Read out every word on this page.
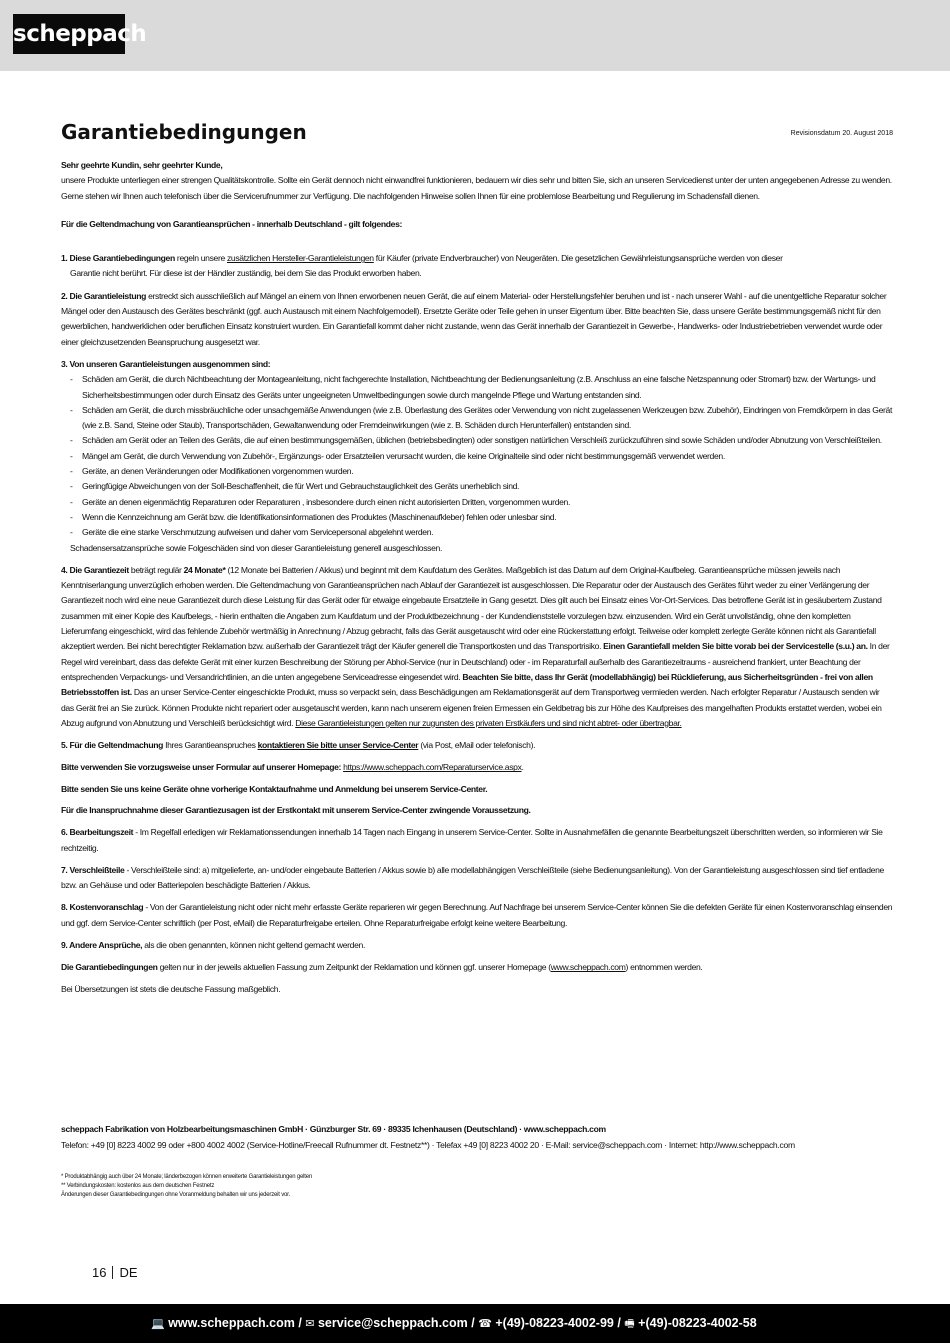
scheppach
Garantiebedingungen	Revisionsdatum 20. August 2018

Sehr geehrte Kundin, sehr geehrter Kunde,

unsere Produkte unterliegen einer strengen Qualitätskontrolle. Sollte ein Gerät dennoch nicht einwandfrei funktionieren, bedauern wir dies sehr und bitten Sie, sich an unseren Servicedienst unter der unten angegebenen Adresse zu wenden. Gerne stehen wir Ihnen auch telefonisch über die Servicerufnummer zur Verfügung. Die nachfolgenden Hinweise sollen Ihnen für eine problemlose Bearbeitung und Regulierung im Schadensfall dienen.

Für die Geltendmachung von Garantieansprüchen - innerhalb Deutschland - gilt folgendes:

1. Diese Garantiebedingungen regeln unsere zusätzlichen Hersteller-Garantieleistungen für Käufer (private Endverbraucher) von Neugeräten. Die gesetzlichen Gewährleistungsansprüche werden von dieser

Garantie nicht berührt. Für diese ist der Händler zuständig, bei dem Sie das Produkt erworben haben.

2. Die Garantieleistung erstreckt sich ausschließlich auf Mängel an einem von Ihnen erworbenen neuen Gerät, die auf einem Material- oder Herstellungsfehler beruhen und ist - nach unserer Wahl - auf die unentgeltliche Reparatur solcher Mängel oder den Austausch des Gerätes beschränkt (ggf. auch Austausch mit einem Nachfolgemodell). Ersetzte Geräte oder Teile gehen in unser Eigentum über. Bitte beachten Sie, dass unsere Geräte bestimmungsgemäß nicht für den gewerblichen, handwerklichen oder beruflichen Einsatz konstruiert wurden. Ein Garantiefall kommt daher nicht zustande, wenn das Gerät innerhalb der Garantiezeit in Gewerbe-, Handwerks- oder Industriebetrieben verwendet wurde oder einer gleichzusetzenden Beanspruchung ausgesetzt war.

3. Von unseren Garantieleistungen ausgenommen sind:

- Schäden am Gerät, die durch Nichtbeachtung der Montageanleitung, nicht fachgerechte Installation, Nichtbeachtung der Bedienungsanleitung (z.B. Anschluss an eine falsche Netzspannung oder Stromart) bzw. der Wartungs- und Sicherheitsbestimmungen oder durch Einsatz des Geräts unter ungeeigneten Umweltbedingungen sowie durch mangelnde Pflege und Wartung entstanden sind.
- Schäden am Gerät, die durch missbräuchliche oder unsachgemäße Anwendungen (wie z.B. Überlastung des Gerätes oder Verwendung von nicht zugelassenen Werkzeugen bzw. Zubehör), Eindringen von Fremdkörpern in das Gerät (wie z.B. Sand, Steine oder Staub), Transportschäden, Gewaltanwendung oder Fremdeinwirkungen (wie z. B. Schäden durch Herunterfallen) entstanden sind.
- Schäden am Gerät oder an Teilen des Geräts, die auf einen bestimmungsgemäßen, üblichen (betriebsbedingten) oder sonstigen natürlichen Verschleiß zurückzuführen sind sowie Schäden und/oder Abnutzung von Verschleißteilen.
- Mängel am Gerät, die durch Verwendung von Zubehör-, Ergänzungs- oder Ersatzteilen verursacht wurden, die keine Originalteile sind oder nicht bestimmungsgemäß verwendet werden.
- Geräte, an denen Veränderungen oder Modifikationen vorgenommen wurden.
- Geringfügige Abweichungen von der Soll-Beschaffenheit, die für Wert und Gebrauchstauglichkeit des Geräts unerheblich sind.
- Geräte an denen eigenmächtig Reparaturen oder Reparaturen , insbesondere durch einen nicht autorisierten Dritten, vorgenommen wurden.
- Wenn die Kennzeichnung am Gerät bzw. die Identifikationsinformationen des Produktes (Maschinenaufkleber) fehlen oder unlesbar sind.
- Geräte die eine starke Verschmutzung aufweisen und daher vom Servicepersonal abgelehnt werden.

Schadensersatzansprüche sowie Folgeschäden sind von dieser Garantieleistung generell ausgeschlossen.

4. Die Garantiezeit beträgt regulär 24 Monate* (12 Monate bei Batterien / Akkus) und beginnt mit dem Kaufdatum des Gerätes. Maßgeblich ist das Datum auf dem Original-Kaufbeleg. Garantieansprüche müssen jeweils nach Kenntniserlangung unverzüglich erhoben werden. Die Geltendmachung von Garantieansprüchen nach Ablauf der Garantiezeit ist ausgeschlossen. Die Reparatur oder der Austausch des Gerätes führt weder zu einer Verlängerung der Garantiezeit noch wird eine neue Garantiezeit durch diese Leistung für das Gerät oder für etwaige eingebaute Ersatzteile in Gang gesetzt. Dies gilt auch bei Einsatz eines Vor-Ort-Services. Das betroffene Gerät ist in gesäubertem Zustand zusammen mit einer Kopie des Kaufbelegs, - hierin enthalten die Angaben zum Kaufdatum und der Produktbezeichnung - der Kundendienststelle vorzulegen bzw. einzusenden. Wird ein Gerät unvollständig, ohne den kompletten Lieferumfang eingeschickt, wird das fehlende Zubehör wertmäßig in Anrechnung / Abzug gebracht, falls das Gerät ausgetauscht wird oder eine Rückerstattung erfolgt. Teilweise oder komplett zerlegte Geräte können nicht als Garantiefall akzeptiert werden. Bei nicht berechtigter Reklamation bzw. außerhalb der Garantiezeit trägt der Käufer generell die Transportkosten und das Transportrisiko. Einen Garantiefall melden Sie bitte vorab bei der Servicestelle (s.u.) an. In der Regel wird vereinbart, dass das defekte Gerät mit einer kurzen Beschreibung der Störung per Abhol-Service (nur in Deutschland) oder - im Reparaturfall außerhalb des Garantiezeitraums - ausreichend frankiert, unter Beachtung der entsprechenden Verpackungs- und Versandrichtlinien, an die unten angegebene Serviceadresse eingesendet wird. Beachten Sie bitte, dass Ihr Gerät (modellabhängig) bei Rücklieferung, aus Sicherheitsgründen - frei von allen Betriebsstoffen ist. Das an unser Service-Center eingeschickte Produkt, muss so verpackt sein, dass Beschädigungen am Reklamationsgerät auf dem Transportweg vermieden werden. Nach erfolgter Reparatur / Austausch senden wir das Gerät frei an Sie zurück. Können Produkte nicht repariert oder ausgetauscht werden, kann nach unserem eigenen freien Ermessen ein Geldbetrag bis zur Höhe des Kaufpreises des mangelhaften Produkts erstattet werden, wobei ein Abzug aufgrund von Abnutzung und Verschleiß berücksichtigt wird. Diese Garantieleistungen gelten nur zugunsten des privaten Erstkäufers und sind nicht abtret- oder übertragbar.

5. Für die Geltendmachung Ihres Garantieanspruches kontaktieren Sie bitte unser Service-Center (via Post, eMail oder telefonisch).

Bitte verwenden Sie vorzugsweise unser Formular auf unserer Homepage: https://www.scheppach.com/Reparaturservice.aspx.

Bitte senden Sie uns keine Geräte ohne vorherige Kontaktaufnahme und Anmeldung bei unserem Service-Center.

Für die Inanspruchnahme dieser Garantiezusagen ist der Erstkontakt mit unserem Service-Center zwingende Voraussetzung.

6. Bearbeitungszeit - Im Regelfall erledigen wir Reklamationssendungen innerhalb 14 Tagen nach Eingang in unserem Service-Center. Sollte in Ausnahmefällen die genannte Bearbeitungszeit überschritten werden, so informieren wir Sie rechtzeitig.

7. Verschleißteile - Verschleißteile sind: a) mitgelieferte, an- und/oder eingebaute Batterien / Akkus sowie b) alle modellabhängigen Verschleißteile (siehe Bedienungsanleitung). Von der Garantieleistung ausgeschlossen sind tief entladene bzw. an Gehäuse und oder Batteriepolen beschädigte Batterien / Akkus.

8. Kostenvoranschlag - Von der Garantieleistung nicht oder nicht mehr erfasste Geräte reparieren wir gegen Berechnung. Auf Nachfrage bei unserem Service-Center können Sie die defekten Geräte für einen Kostenvoranschlag einsenden und ggf. dem Service-Center schriftlich (per Post, eMail) die Reparaturfreigabe erteilen. Ohne Reparaturfreigabe erfolgt keine weitere Bearbeitung.

9. Andere Ansprüche, als die oben genannten, können nicht geltend gemacht werden.

Die Garantiebedingungen gelten nur in der jeweils aktuellen Fassung zum Zeitpunkt der Reklamation und können ggf. unserer Homepage (www.scheppach.com) entnommen werden.

Bei Übersetzungen ist stets die deutsche Fassung maßgeblich.

scheppach Fabrikation von Holzbearbeitungsmaschinen GmbH · Günzburger Str. 69 · 89335 Ichenhausen (Deutschland) · www.scheppach.com
Telefon: +49 [0] 8223 4002 99 oder +800 4002 4002 (Service-Hotline/Freecall Rufnummer dt. Festnetz**) · Telefax +49 [0] 8223 4002 20 · E-Mail: service@scheppach.com · Internet: http://www.scheppach.com
* Produktabhängig auch über 24 Monate; länderbezogen können erweiterte Garantieleistungen gelten
** Verbindungskosten: kostenlos aus dem deutschen Festnetz
Änderungen dieser Garantiebedingungen ohne Voranmeldung behalten wir uns jederzeit vor.
16 DE
💻 www.scheppach.com / ✉ service@scheppach.com / ☎ +(49)-08223-4002-99 / 🖷 +(49)-08223-4002-58
